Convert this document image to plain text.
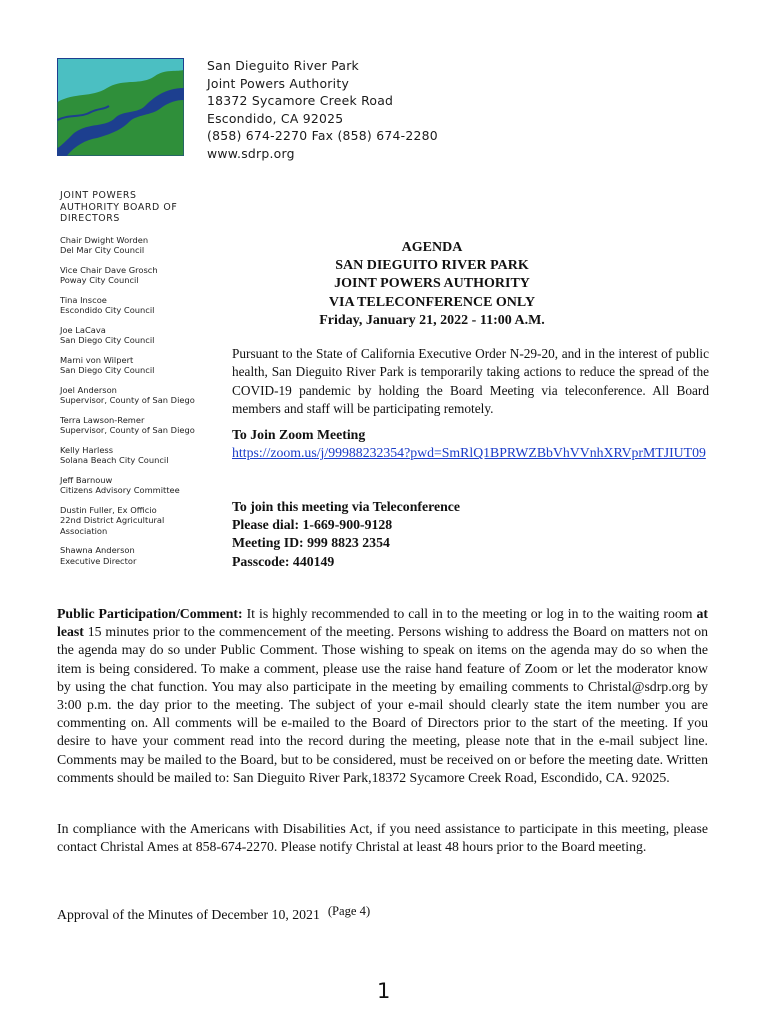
San Dieguito River Park
Joint Powers Authority
18372 Sycamore Creek Road
Escondido, CA 92025
(858) 674-2270 Fax (858) 674-2280
www.sdrp.org
JOINT POWERS
AUTHORITY BOARD OF
DIRECTORS
Chair Dwight Worden
Del Mar City Council
Vice Chair Dave Grosch
Poway City Council
Tina Inscoe
Escondido City Council
Joe LaCava
San Diego City Council
Marni von Wilpert
San Diego City Council
Joel Anderson
Supervisor, County of San Diego
Terra Lawson-Remer
Supervisor, County of San Diego
Kelly Harless
Solana Beach City Council
Jeff Barnouw
Citizens Advisory Committee
Dustin Fuller, Ex Officio
22nd District Agricultural
Association
Shawna Anderson
Executive Director
AGENDA
SAN DIEGUITO RIVER PARK
JOINT POWERS AUTHORITY
VIA TELECONFERENCE ONLY
Friday, January 21, 2022 - 11:00 A.M.
Pursuant to the State of California Executive Order N-29-20, and in the interest of public health, San Dieguito River Park is temporarily taking actions to reduce the spread of the COVID-19 pandemic by holding the Board Meeting via teleconference. All Board members and staff will be participating remotely.
To Join Zoom Meeting
https://zoom.us/j/99988232354?pwd=SmRlQ1BPRWZBbVhVVnhXRVprMTJIUT09
To join this meeting via Teleconference
Please dial: 1-669-900-9128
Meeting ID: 999 8823 2354
Passcode: 440149
Public Participation/Comment: It is highly recommended to call in to the meeting or log in to the waiting room at least 15 minutes prior to the commencement of the meeting. Persons wishing to address the Board on matters not on the agenda may do so under Public Comment. Those wishing to speak on items on the agenda may do so when the item is being considered. To make a comment, please use the raise hand feature of Zoom or let the moderator know by using the chat function. You may also participate in the meeting by emailing comments to Christal@sdrp.org by 3:00 p.m. the day prior to the meeting. The subject of your e-mail should clearly state the item number you are commenting on. All comments will be e-mailed to the Board of Directors prior to the start of the meeting. If you desire to have your comment read into the record during the meeting, please note that in the e-mail subject line. Comments may be mailed to the Board, but to be considered, must be received on or before the meeting date. Written comments should be mailed to: San Dieguito River Park,18372 Sycamore Creek Road, Escondido, CA. 92025.
In compliance with the Americans with Disabilities Act, if you need assistance to participate in this meeting, please contact Christal Ames at 858-674-2270. Please notify Christal at least 48 hours prior to the Board meeting.
Approval of the Minutes of December 10, 2021 (Page 4)
1
